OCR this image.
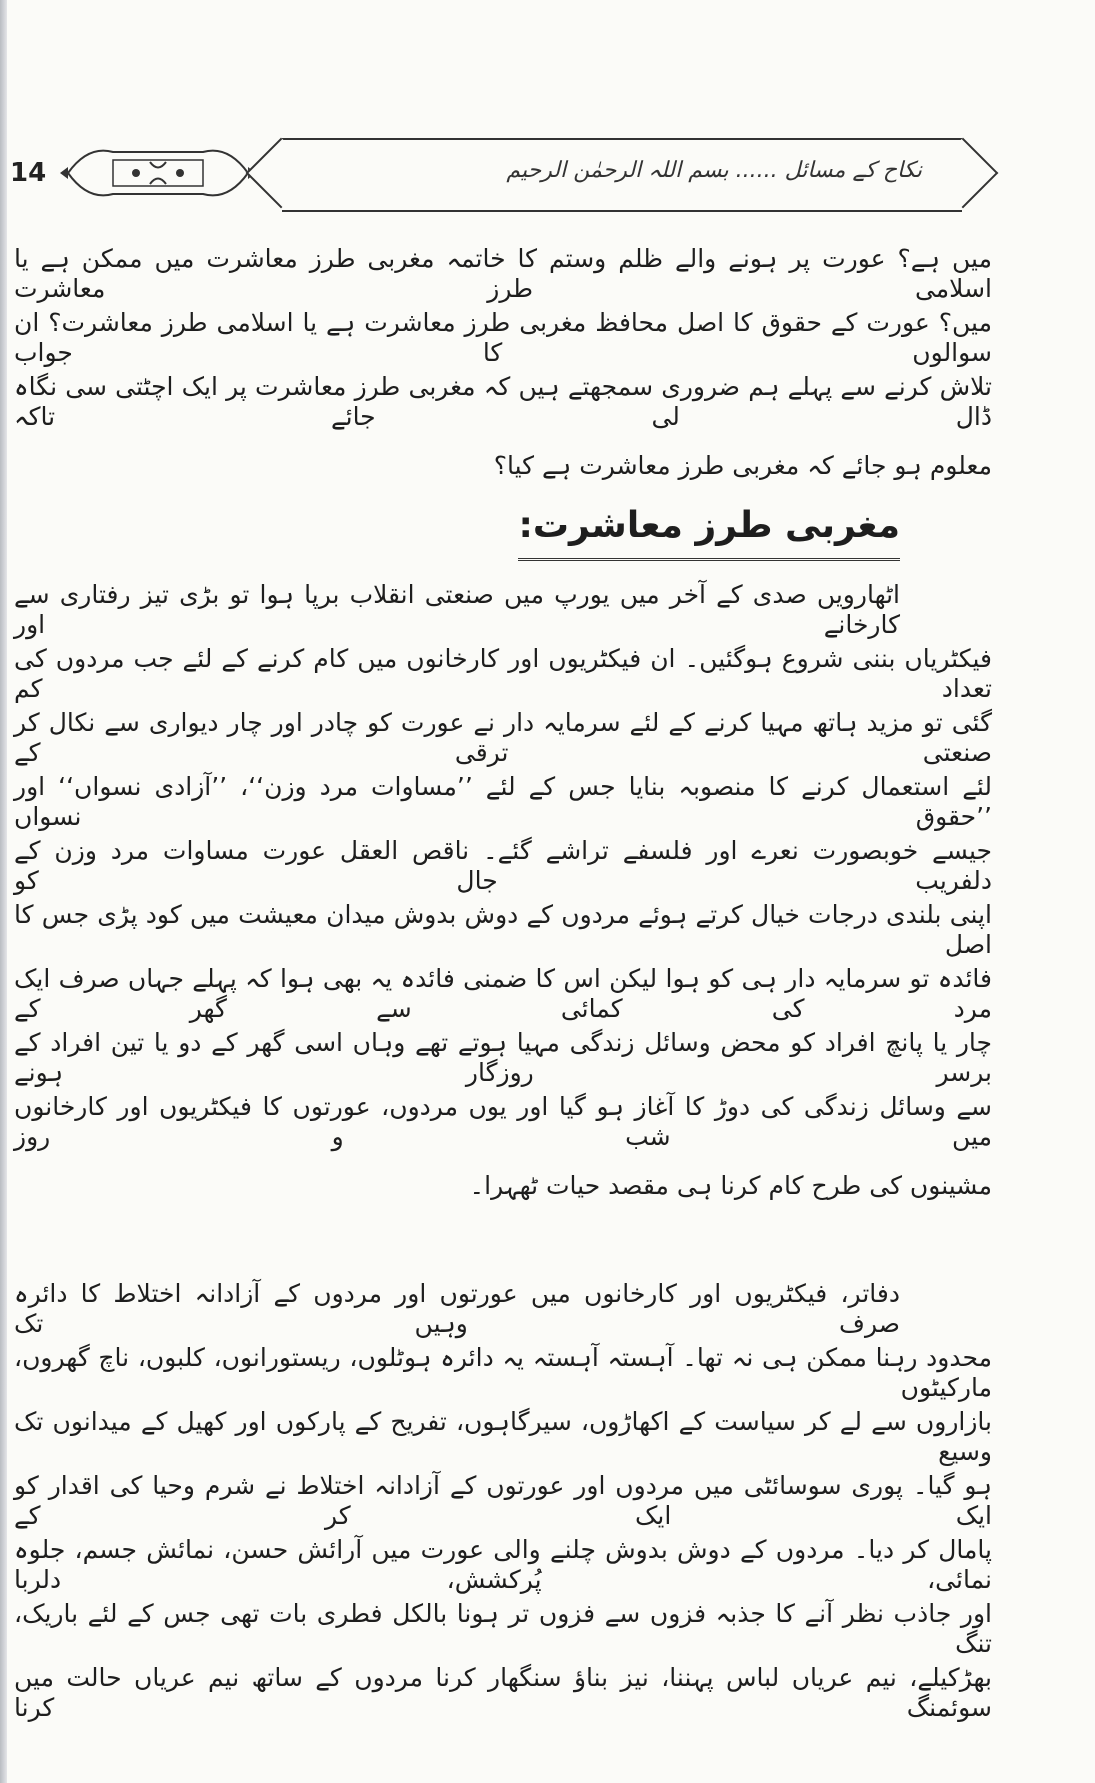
14	نکاح کے مسائل ...... بسم اللہ الرحمٰن الرحیم
میں ہے؟ عورت پر ہونے والے ظلم وستم کا خاتمہ مغربی طرز معاشرت میں ممکن ہے یا اسلامی طرز معاشرت
میں؟ عورت کے حقوق کا اصل محافظ مغربی طرز معاشرت ہے یا اسلامی طرز معاشرت؟ ان سوالوں کا جواب
تلاش کرنے سے پہلے ہم ضروری سمجھتے ہیں کہ مغربی طرز معاشرت پر ایک اچٹتی سی نگاہ ڈال لی جائے تاکہ
معلوم ہو جائے کہ مغربی طرز معاشرت ہے کیا؟
مغربی طرز معاشرت:
اٹھارویں صدی کے آخر میں یورپ میں صنعتی انقلاب برپا ہوا تو بڑی تیز رفتاری سے کارخانے اور
فیکٹریاں بننی شروع ہوگئیں۔ ان فیکٹریوں اور کارخانوں میں کام کرنے کے لئے جب مردوں کی تعداد کم
گئی تو مزید ہاتھ مہیا کرنے کے لئے سرمایہ دار نے عورت کو چادر اور چار دیواری سے نکال کر صنعتی ترقی کے
لئے استعمال کرنے کا منصوبہ بنایا جس کے لئے ’’مساوات مرد وزن‘‘، ’’آزادی نسواں‘‘ اور ’’حقوق نسواں
جیسے خوبصورت نعرے اور فلسفے تراشے گئے۔ ناقص العقل عورت مساوات مرد وزن کے دلفریب جال کو
اپنی بلندی درجات خیال کرتے ہوئے مردوں کے دوش بدوش میدان معیشت میں کود پڑی جس کا اصل
فائدہ تو سرمایہ دار ہی کو ہوا لیکن اس کا ضمنی فائدہ یہ بھی ہوا کہ پہلے جہاں صرف ایک مرد کی کمائی سے گھر کے
چار یا پانچ افراد کو محض وسائل زندگی مہیا ہوتے تھے وہاں اسی گھر کے دو یا تین افراد کے برسر روزگار ہونے
سے وسائل زندگی کی دوڑ کا آغاز ہو گیا اور یوں مردوں، عورتوں کا فیکٹریوں اور کارخانوں میں شب و روز
مشینوں کی طرح کام کرنا ہی مقصد حیات ٹھہرا۔
دفاتر، فیکٹریوں اور کارخانوں میں عورتوں اور مردوں کے آزادانہ اختلاط کا دائرہ صرف وہیں تک
محدود رہنا ممکن ہی نہ تھا۔ آہستہ آہستہ یہ دائرہ ہوٹلوں، ریستورانوں، کلبوں، ناچ گھروں، مارکیٹوں
بازاروں سے لے کر سیاست کے اکھاڑوں، سیرگاہوں، تفریح کے پارکوں اور کھیل کے میدانوں تک وسیع
ہو گیا۔ پوری سوسائٹی میں مردوں اور عورتوں کے آزادانہ اختلاط نے شرم وحیا کی اقدار کو ایک ایک کر کے
پامال کر دیا۔ مردوں کے دوش بدوش چلنے والی عورت میں آرائش حسن، نمائش جسم، جلوہ نمائی، پُرکشش، دلربا
اور جاذب نظر آنے کا جذبہ فزوں سے فزوں تر ہونا بالکل فطری بات تھی جس کے لئے باریک، تنگ
بھڑکیلے، نیم عریاں لباس پہننا، نیز بناؤ سنگھار کرنا مردوں کے ساتھ نیم عریاں حالت میں سوئمنگ کرنا
